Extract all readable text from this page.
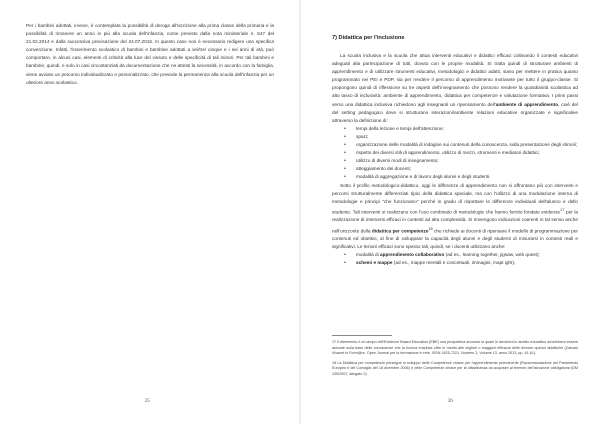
Per i bambini adottati, invece, è contemplata la possibilità di deroga all'iscrizione alla prima classe della primaria e la possibilità di rimanere un anno in più alla scuola dell'infanzia, come previsto dalla nota ministeriale n. 547 del 21.02.2014 e dalla successiva precisazione del 24.07.2015. In questo caso non è necessario redigere una specifica convenzione. Infatti, l'inserimento scolastico di bambini e bambine adottati a sei/tre/ cinque e i sei anni di età, può comportare, in alcuni casi, elementi di criticità alla luce del vissuto e delle specificità di tali minori. Per tali bambini e bambine, quindi, e solo in casi circostanziati da documentazione che ne attesti la necessità, in accordo con la famiglia, viene avviato un percorso individualizzato e personalizzato, che prevede la permanenza alla scuola dell'infanzia per un ulteriore anno scolastico.
25
7) Didattica per l'inclusione

La scuola inclusiva e la scuola che attua interventi educativi e didattici efficaci coltivando il contesti educativi adeguati alla partecipazione di tutti, dovuto con le proprie modalità. Si tratta quindi di strutturare ambienti di apprendimento e di utilizzare strumenti educativi, metodologici e didattici adatti, siano per mettere in pratica quanto programmato nei PEI e PDP, sia per rendere il percorso di apprendimento motivante per tutto il gruppo-classe. Si propongono quindi di riflessione su tre aspetti dell'insegnamento che possono rendere la quotidianità scolastica ad alto tasso di inclusività: ambiente di apprendimento, didattica per competenze e valutazione formativa. I primi passi verso una didattica inclusiva richiedono agli insegnanti un ripensamento dell'ambiente di apprendimento, cioè del del setting pedagogico dove si strutturano interazioni/ambiente relazioni educative organizzate e significative attraverso la definizione di:

• tempi della lezione e tempi dell'attenzione;
• spazi;
• organizzazione delle modalità di indagine sui contenuti della conoscenza, sulla presentazione degli stimoli;
• rispetto dei diversi stili di apprendimento, utilizzo di mezzi, strumenti e mediatori didattici;
• utilizzo di diversi modi di insegnamento;
• atteggiamento dei docenti;
• modalità di aggregazione e di lavoro degli alunni e degli studenti.

Sotto il profilo metodologico-didattico, oggi le differenze di apprendimento non si affrontano più con interventi e percorsi strutturalmente differenziati tipici della didattica speciale, ma con l'utilizzo di una modulazione interna di metodologie e principi "che funzionano" perché in grado di rispettare le differenze individuali dell'alunno e dello studente. Tali interventi si realizzano con l'uso combinato di metodologie che hanno fornito fondate evidenze$^{17}$ per la realizzazione di interventi efficaci in contesti ad alta complessità. Si rinvengono indicazioni coerenti in tal senso anche nell'orizzonte della didattica per competenze$^{18}$ che richiede ai docenti di ripensare il modello di programmazione per contenuti ed obiettivi, al fine di sviluppare la capacità degli alunni e degli studenti di misurarsi in contesti reali e significativi. Le lezioni efficaci sono spesso tali, quindi, se i docenti utilizzano anche:

• modalità di apprendimento collaborativo (ad es., learning together, jigsaw, web quest);
• schemi e mappe (ad es., mappe mentali e concettuali, immagini, mapt ight);

17 Il riferimento è al campo dell'Evidence Based Education (EBE) una prospettiva secondo la quale le decisioni in ambito educativo dovrebbero essere assunte sulla base delle conoscenze che la ricerca empirica offre in merito alle migliori o maggiori efficacia delle diverse opzioni didattiche (Calvani Vivanet in Form@re. Open Journal per la formazione in rete, ISSN 1825-7321, Numero 2, Volume 13, anno 2013, pp. 41-61).

18 La Didattica per competenze persegue lo sviluppo delle Competenze chiave per l'apprendimento permanente (Raccomandazione del Parlamento Europeo e del Consiglio del 18 dicembre 2006) e delle Competenze chiave per la cittadinanza da acquisire al termine dell'istruzione obbligatoria (DM 139/2007, allegato 2).

26
